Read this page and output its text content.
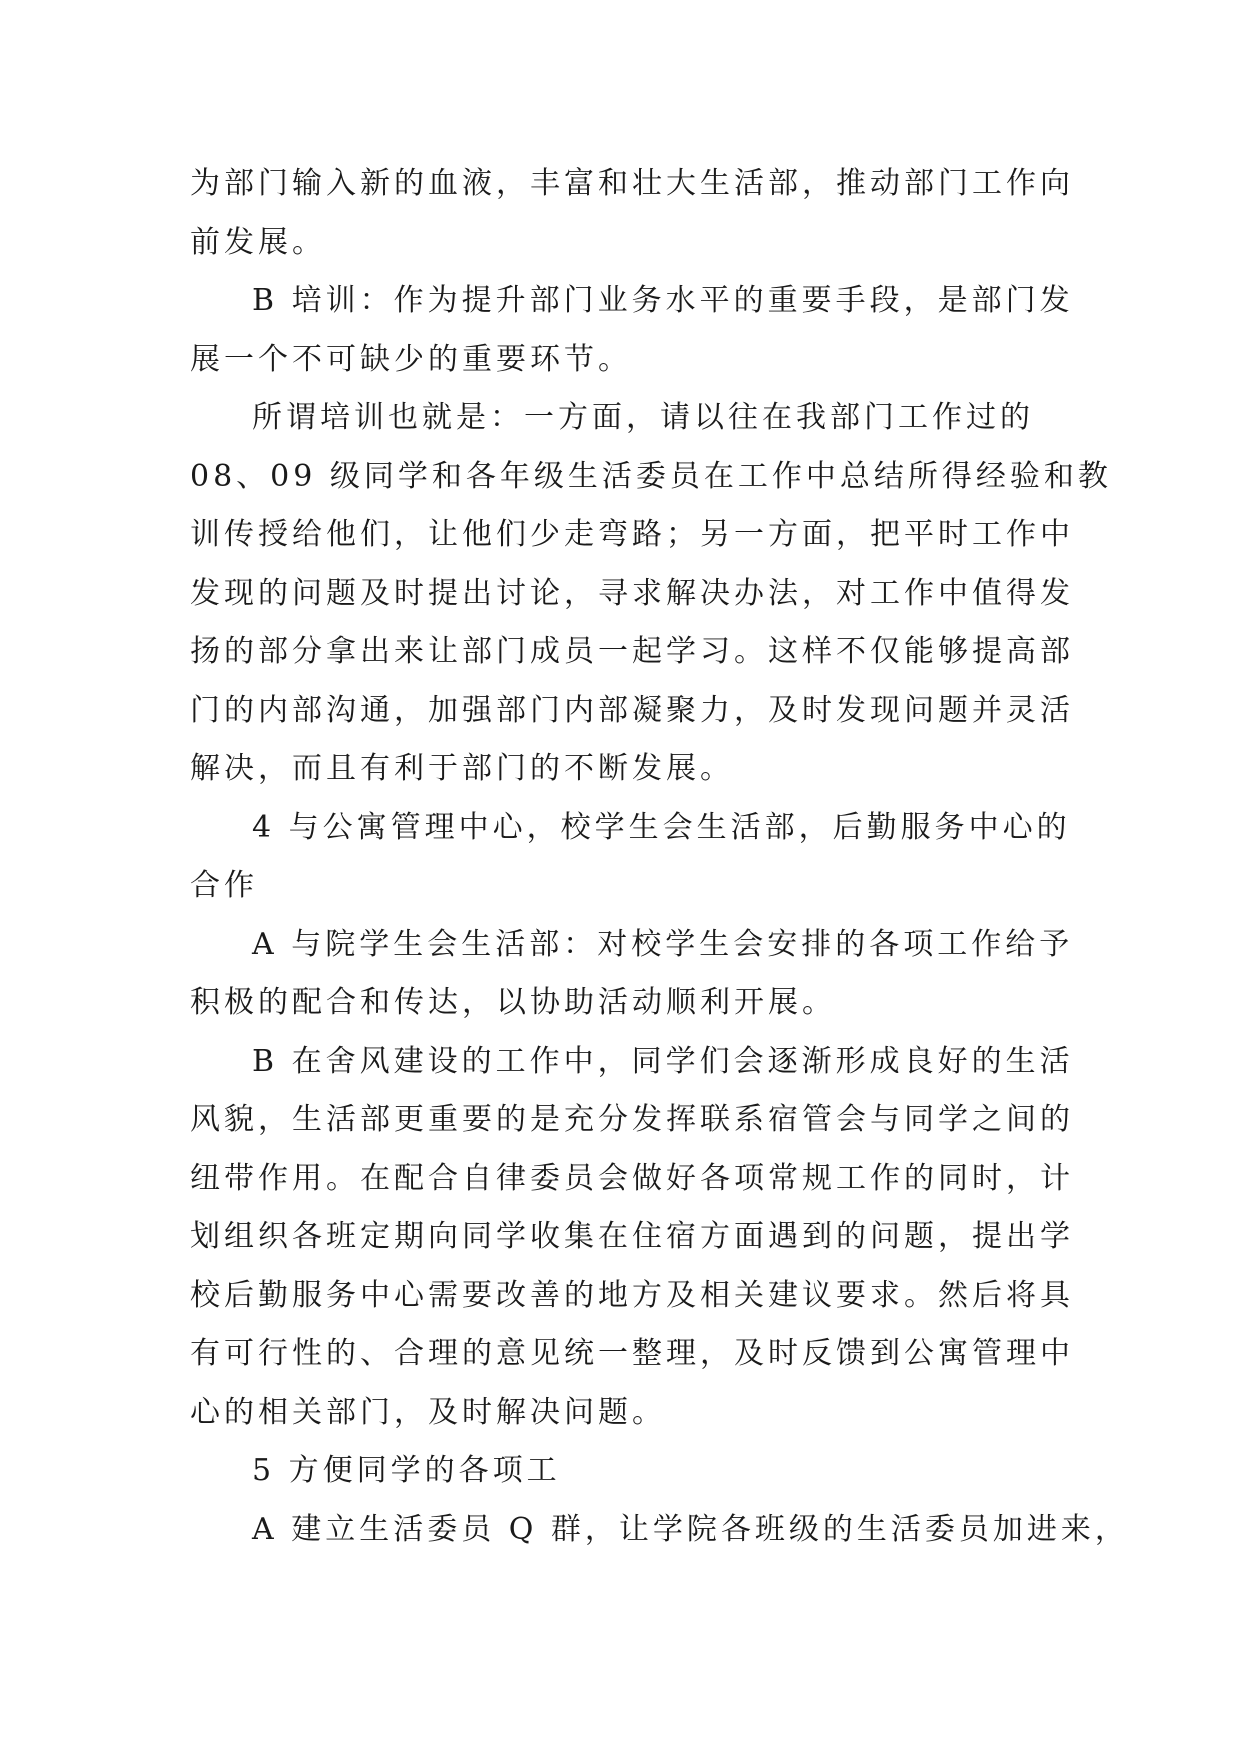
为部门输入新的血液，丰富和壮大生活部，推动部门工作向
前发展。
B 培训：作为提升部门业务水平的重要手段，是部门发
展一个不可缺少的重要环节。
所谓培训也就是：一方面，请以往在我部门工作过的
08、09 级同学和各年级生活委员在工作中总结所得经验和教
训传授给他们，让他们少走弯路；另一方面，把平时工作中
发现的问题及时提出讨论，寻求解决办法，对工作中值得发
扬的部分拿出来让部门成员一起学习。这样不仅能够提高部
门的内部沟通，加强部门内部凝聚力，及时发现问题并灵活
解决，而且有利于部门的不断发展。
4 与公寓管理中心，校学生会生活部，后勤服务中心的
合作
A 与院学生会生活部：对校学生会安排的各项工作给予
积极的配合和传达，以协助活动顺利开展。
B 在舍风建设的工作中，同学们会逐渐形成良好的生活
风貌，生活部更重要的是充分发挥联系宿管会与同学之间的
纽带作用。在配合自律委员会做好各项常规工作的同时，计
划组织各班定期向同学收集在住宿方面遇到的问题，提出学
校后勤服务中心需要改善的地方及相关建议要求。然后将具
有可行性的、合理的意见统一整理，及时反馈到公寓管理中
心的相关部门，及时解决问题。
5 方便同学的各项工
A 建立生活委员 Q 群，让学院各班级的生活委员加进来，
